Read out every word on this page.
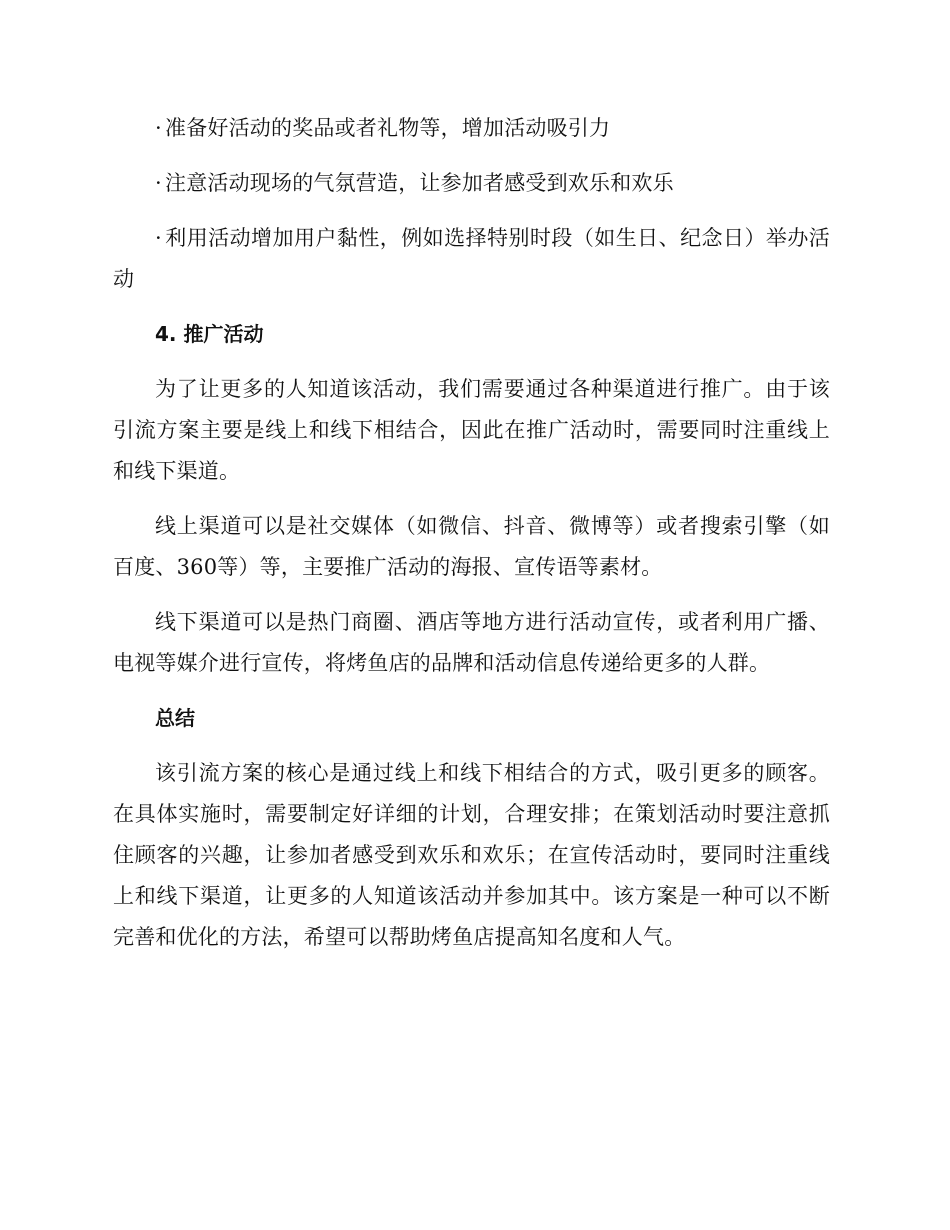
· 准备好活动的奖品或者礼物等，增加活动吸引力

· 注意活动现场的气氛营造，让参加者感受到欢乐和欢乐

· 利用活动增加用户黏性，例如选择特别时段（如生日、纪念日）举办活动

4. 推广活动

为了让更多的人知道该活动，我们需要通过各种渠道进行推广。由于该引流方案主要是线上和线下相结合，因此在推广活动时，需要同时注重线上和线下渠道。

线上渠道可以是社交媒体（如微信、抖音、微博等）或者搜索引擎（如百度、360等）等，主要推广活动的海报、宣传语等素材。

线下渠道可以是热门商圈、酒店等地方进行活动宣传，或者利用广播、电视等媒介进行宣传，将烤鱼店的品牌和活动信息传递给更多的人群。

总结

该引流方案的核心是通过线上和线下相结合的方式，吸引更多的顾客。在具体实施时，需要制定好详细的计划，合理安排；在策划活动时要注意抓住顾客的兴趣，让参加者感受到欢乐和欢乐；在宣传活动时，要同时注重线上和线下渠道，让更多的人知道该活动并参加其中。该方案是一种可以不断完善和优化的方法，希望可以帮助烤鱼店提高知名度和人气。
